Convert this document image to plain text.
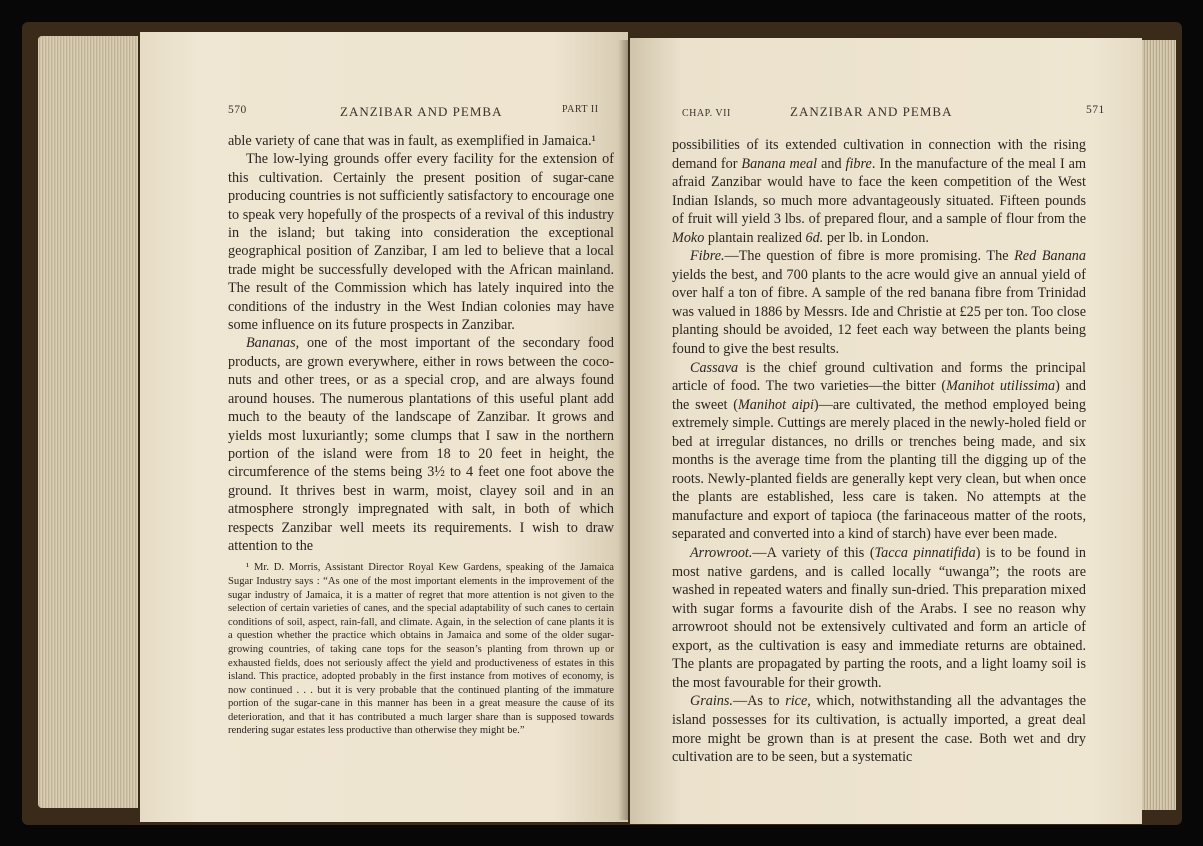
570	ZANZIBAR AND PEMBA	PART II

able variety of cane that was in fault, as exemplified in Jamaica.¹

The low-lying grounds offer every facility for the extension of this cultivation. Certainly the present position of sugar-cane producing countries is not sufficiently satisfactory to encourage one to speak very hopefully of the prospects of a revival of this industry in the island; but taking into consideration the exceptional geographical position of Zanzibar, I am led to believe that a local trade might be successfully developed with the African mainland. The result of the Commission which has lately inquired into the conditions of the industry in the West Indian colonies may have some influence on its future prospects in Zanzibar.

Bananas, one of the most important of the secondary food products, are grown everywhere, either in rows between the coco-nuts and other trees, or as a special crop, and are always found around houses. The numerous plantations of this useful plant add much to the beauty of the landscape of Zanzibar. It grows and yields most luxuriantly; some clumps that I saw in the northern portion of the island were from 18 to 20 feet in height, the circumference of the stems being 3½ to 4 feet one foot above the ground. It thrives best in warm, moist, clayey soil and in an atmosphere strongly impregnated with salt, in both of which respects Zanzibar well meets its requirements. I wish to draw attention to the

¹ Mr. D. Morris, Assistant Director Royal Kew Gardens, speaking of the Jamaica Sugar Industry says : “As one of the most important elements in the improvement of the sugar industry of Jamaica, it is a matter of regret that more attention is not given to the selection of certain varieties of canes, and the special adaptability of such canes to certain conditions of soil, aspect, rain-fall, and climate. Again, in the selection of cane plants it is a question whether the practice which obtains in Jamaica and some of the older sugar-growing countries, of taking cane tops for the season’s planting from thrown up or exhausted fields, does not seriously affect the yield and productiveness of estates in this island. This practice, adopted probably in the first instance from motives of economy, is now continued . . . but it is very probable that the continued planting of the immature portion of the sugar-cane in this manner has been in a great measure the cause of its deterioration, and that it has contributed a much larger share than is supposed towards rendering sugar estates less productive than otherwise they might be.”

CHAP. VII	ZANZIBAR AND PEMBA	571

possibilities of its extended cultivation in connection with the rising demand for Banana meal and fibre. In the manufacture of the meal I am afraid Zanzibar would have to face the keen competition of the West Indian Islands, so much more advantageously situated. Fifteen pounds of fruit will yield 3 lbs. of prepared flour, and a sample of flour from the Moko plantain realized 6d. per lb. in London.

Fibre.—The question of fibre is more promising. The Red Banana yields the best, and 700 plants to the acre would give an annual yield of over half a ton of fibre. A sample of the red banana fibre from Trinidad was valued in 1886 by Messrs. Ide and Christie at £25 per ton. Too close planting should be avoided, 12 feet each way between the plants being found to give the best results.

Cassava is the chief ground cultivation and forms the principal article of food. The two varieties—the bitter (Manihot utilissima) and the sweet (Manihot aipi)—are cultivated, the method employed being extremely simple. Cuttings are merely placed in the newly-holed field or bed at irregular distances, no drills or trenches being made, and six months is the average time from the planting till the digging up of the roots. Newly-planted fields are generally kept very clean, but when once the plants are established, less care is taken. No attempts at the manufacture and export of tapioca (the farinaceous matter of the roots, separated and converted into a kind of starch) have ever been made.

Arrowroot.—A variety of this (Tacca pinnatifida) is to be found in most native gardens, and is called locally “uwanga”; the roots are washed in repeated waters and finally sun-dried. This preparation mixed with sugar forms a favourite dish of the Arabs. I see no reason why arrowroot should not be extensively cultivated and form an article of export, as the cultivation is easy and immediate returns are obtained. The plants are propagated by parting the roots, and a light loamy soil is the most favourable for their growth.

Grains.—As to rice, which, notwithstanding all the advantages the island possesses for its cultivation, is actually imported, a great deal more might be grown than is at present the case. Both wet and dry cultivation are to be seen, but a systematic
